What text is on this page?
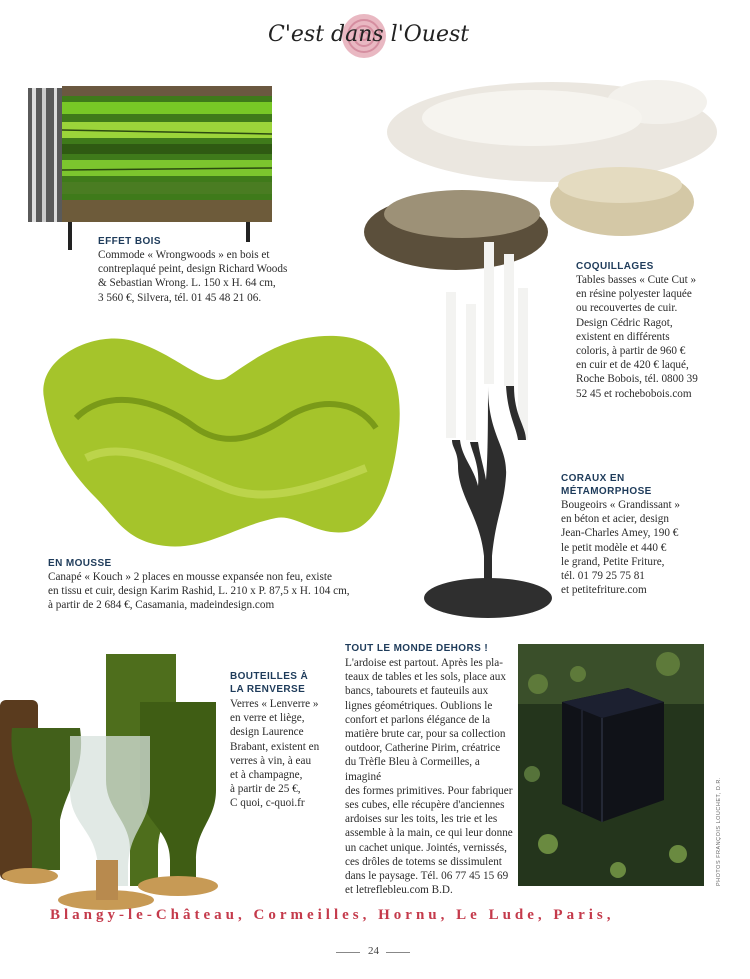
C'est dans l'Ouest
PHOTOS FRANÇOIS LOUCHET, D.R.
EFFET BOIS
Commode « Wrongwoods » en bois et
contreplaqué peint, design Richard Woods
& Sebastian Wrong. L. 150 x H. 64 cm,
3 560 €, Silvera, tél. 01 45 48 21 06.
COQUILLAGES
Tables basses « Cute Cut »
en résine polyester laquée
ou recouvertes de cuir.
Design Cédric Ragot,
existent en différents
coloris, à partir de 960 €
en cuir et de 420 € laqué,
Roche Bobois, tél. 0800 39
52 45 et rochebobois.com
EN MOUSSE
Canapé « Kouch » 2 places en mousse expansée non feu, existe
en tissu et cuir, design Karim Rashid, L. 210 x P. 87,5 x H. 104 cm,
à partir de 2 684 €, Casamania, madeindesign.com
CORAUX EN
MÉTAMORPHOSE
Bougeoirs « Grandissant »
en béton et acier, design
Jean-Charles Amey, 190 €
le petit modèle et 440 €
le grand, Petite Friture,
tél. 01 79 25 75 81
et petitefriture.com
BOUTEILLES À
LA RENVERSE
Verres « Lenverre »
en verre et liège,
design Laurence
Brabant, existent en
verres à vin, à eau
et à champagne,
à partir de 25 €,
C quoi, c-quoi.fr
TOUT LE MONDE DEHORS !
L'ardoise est partout. Après les pla-
teaux de tables et les sols, place aux
bancs, tabourets et fauteuils aux
lignes géométriques. Oublions le
confort et parlons élégance de la
matière brute car, pour sa collection
outdoor, Catherine Pirim, créatrice
du Trèfle Bleu à Cormeilles, a imaginé
des formes primitives. Pour fabriquer
ses cubes, elle récupère d'anciennes
ardoises sur les toits, les trie et les
assemble à la main, ce qui leur donne
un cachet unique. Jointés, vernissés,
ces drôles de totems se dissimulent
dans le paysage. Tél. 06 77 45 15 69
et letreflebleu.com B.D.
Blangy-le-Château, Cormeilles, Hornu, Le Lude, Paris,
24
